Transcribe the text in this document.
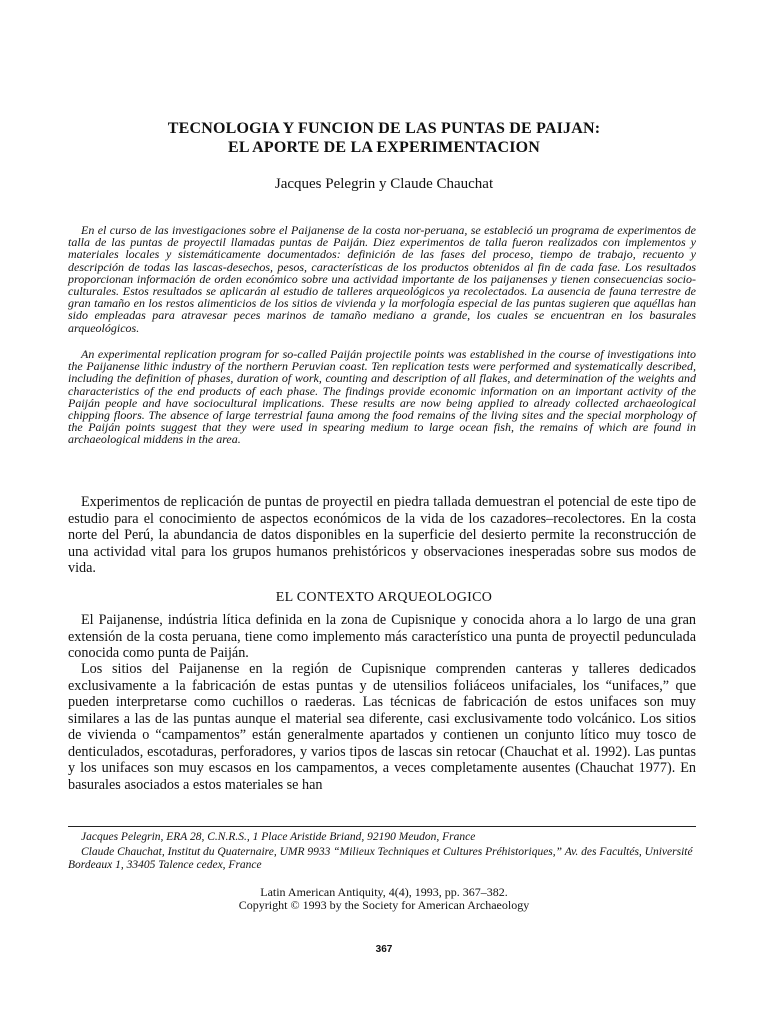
TECNOLOGIA Y FUNCION DE LAS PUNTAS DE PAIJAN:
EL APORTE DE LA EXPERIMENTACION
Jacques Pelegrin y Claude Chauchat

En el curso de las investigaciones sobre el Paijanense de la costa nor-peruana, se estableció un programa de experimentos de talla de las puntas de proyectil llamadas puntas de Paiján. Diez experimentos de talla fueron realizados con implementos y materiales locales y sistemáticamente documentados: definición de las fases del proceso, tiempo de trabajo, recuento y descripción de todas las lascas-desechos, pesos, características de los productos obtenidos al fin de cada fase. Los resultados proporcionan información de orden económico sobre una actividad importante de los paijanenses y tienen consecuencias socio-culturales. Estos resultados se aplicarán al estudio de talleres arqueológicos ya recolectados. La ausencia de fauna terrestre de gran tamaño en los restos alimenticios de los sitios de vivienda y la morfología especial de las puntas sugieren que aquéllas han sido empleadas para atravesar peces marinos de tamaño mediano a grande, los cuales se encuentran en los basurales arqueológicos.

An experimental replication program for so-called Paiján projectile points was established in the course of investigations into the Paijanense lithic industry of the northern Peruvian coast. Ten replication tests were performed and systematically described, including the definition of phases, duration of work, counting and description of all flakes, and determination of the weights and characteristics of the end products of each phase. The findings provide economic information on an important activity of the Paiján people and have sociocultural implications. These results are now being applied to already collected archaeological chipping floors. The absence of large terrestrial fauna among the food remains of the living sites and the special morphology of the Paiján points suggest that they were used in spearing medium to large ocean fish, the remains of which are found in archaeological middens in the area.

Experimentos de replicación de puntas de proyectil en piedra tallada demuestran el potencial de este tipo de estudio para el conocimiento de aspectos económicos de la vida de los cazadores–recolectores. En la costa norte del Perú, la abundancia de datos disponibles en la superficie del desierto permite la reconstrucción de una actividad vital para los grupos humanos prehistóricos y observaciones inesperadas sobre sus modos de vida.

EL CONTEXTO ARQUEOLOGICO

El Paijanense, indústria lítica definida en la zona de Cupisnique y conocida ahora a lo largo de una gran extensión de la costa peruana, tiene como implemento más característico una punta de proyectil pedunculada conocida como punta de Paiján.

Los sitios del Paijanense en la región de Cupisnique comprenden canteras y talleres dedicados exclusivamente a la fabricación de estas puntas y de utensilios foliáceos unifaciales, los “unifaces,” que pueden interpretarse como cuchillos o raederas. Las técnicas de fabricación de estos unifaces son muy similares a las de las puntas aunque el material sea diferente, casi exclusivamente todo volcánico. Los sitios de vivienda o “campamentos” están generalmente apartados y contienen un conjunto lítico muy tosco de denticulados, escotaduras, perforadores, y varios tipos de lascas sin retocar (Chauchat et al. 1992). Las puntas y los unifaces son muy escasos en los campamentos, a veces completamente ausentes (Chauchat 1977). En basurales asociados a estos materiales se han

Jacques Pelegrin, ERA 28, C.N.R.S., 1 Place Aristide Briand, 92190 Meudon, France

Claude Chauchat, Institut du Quaternaire, UMR 9933 “Milieux Techniques et Cultures Préhistoriques,” Av. des Facultés, Université Bordeaux 1, 33405 Talence cedex, France

Latin American Antiquity, 4(4), 1993, pp. 367–382.
Copyright © 1993 by the Society for American Archaeology
367
